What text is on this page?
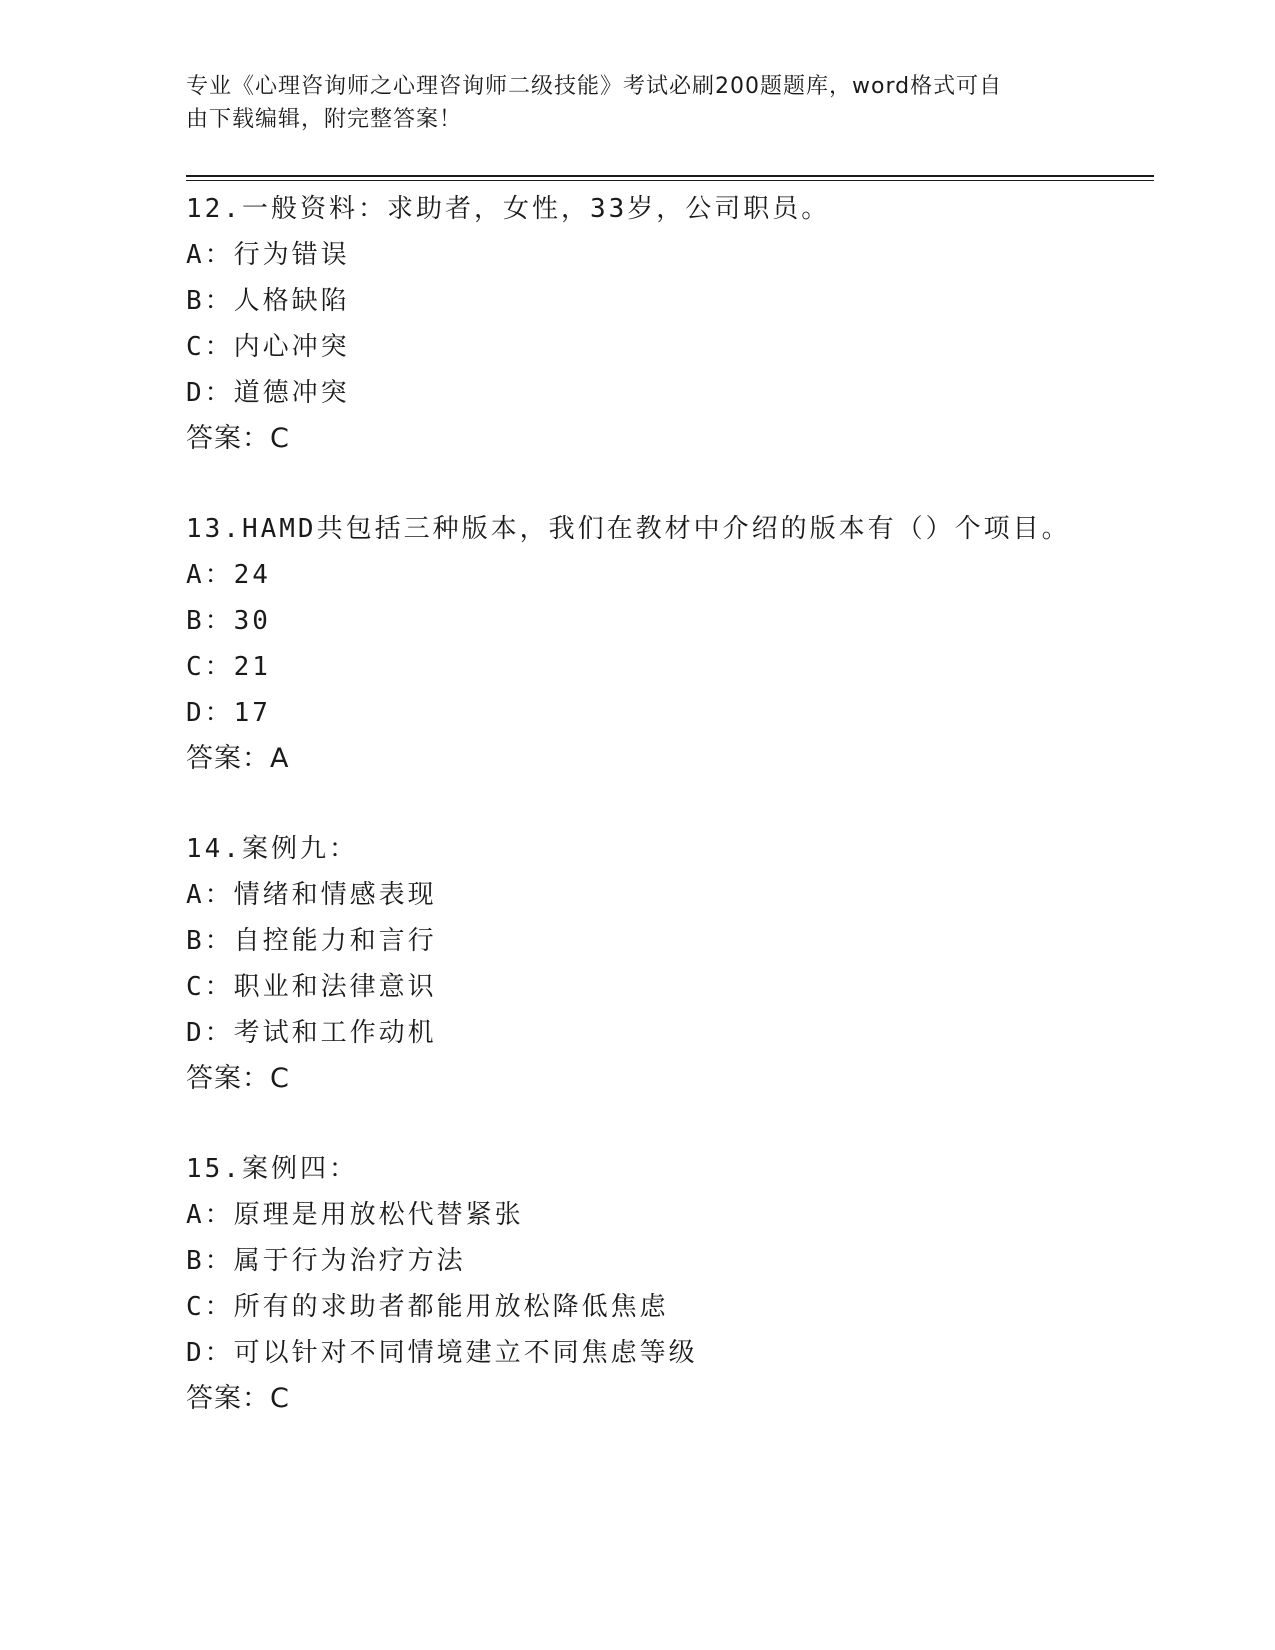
专业《心理咨询师之心理咨询师二级技能》考试必刷200题题库，word格式可自
由下载编辑，附完整答案！
12.一般资料：求助者，女性，33岁，公司职员。
A：行为错误
B：人格缺陷
C：内心冲突
D：道德冲突
答案：C
13.HAMD共包括三种版本，我们在教材中介绍的版本有（）个项目。
A：24
B：30
C：21
D：17
答案：A
14.案例九：
A：情绪和情感表现
B：自控能力和言行
C：职业和法律意识
D：考试和工作动机
答案：C
15.案例四：
A：原理是用放松代替紧张
B：属于行为治疗方法
C：所有的求助者都能用放松降低焦虑
D：可以针对不同情境建立不同焦虑等级
答案：C
